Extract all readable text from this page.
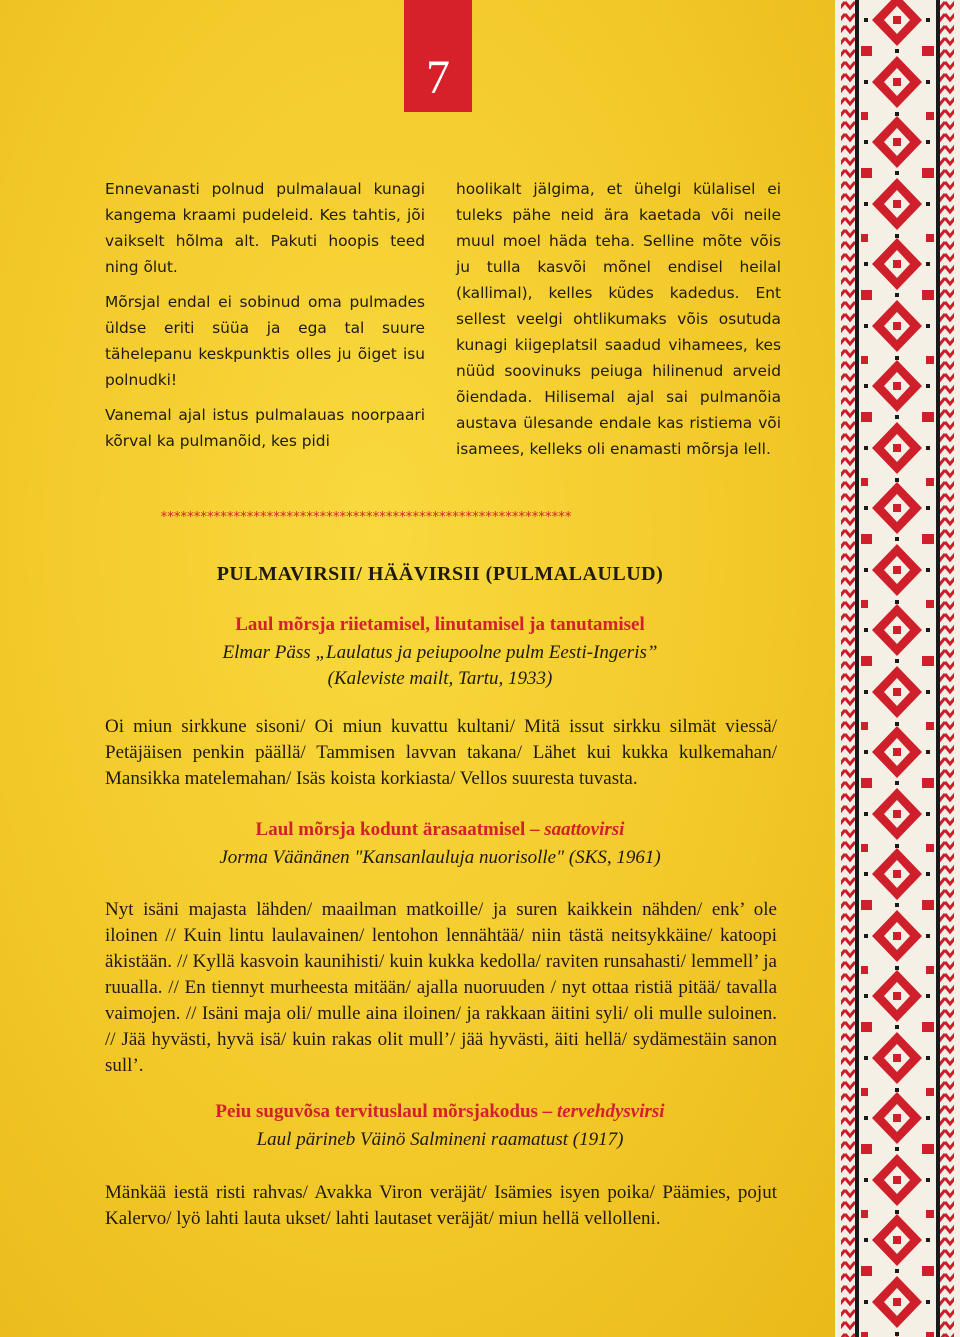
7

Ennevanasti polnud pulmalaual kunagi kangema kraami pudeleid. Kes tahtis, jõi vaikselt hõlma alt. Pakuti hoopis teed ning õlut.

Mõrsjal endal ei sobinud oma pulmades üldse eriti süüa ja ega tal suure tähelepanu keskpunktis olles ju õiget isu polnudki!

Vanemal ajal istus pulmalauas noorpaari kõrval ka pulmanõid, kes pidi

hoolikalt jälgima, et ühelgi külalisel ei tuleks pähe neid ära kaetada või neile muul moel häda teha. Selline mõte võis ju tulla kasvõi mõnel endisel heilal (kallimal), kelles küdes kadedus. Ent sellest veelgi ohtlikumaks võis osutuda kunagi kiigeplatsil saadud vihamees, kes nüüd soovinuks peiuga hilinenud arveid õiendada. Hilisemal ajal sai pulmanõia austava ülesande endale kas ristiema või isamees, kelleks oli enamasti mõrsja lell.

**************************************************************
PULMAVIRSII/ HÄÄVIRSII (PULMALAULUD)
Laul mõrsja riietamisel, linutamisel ja tanutamisel
Elmar Päss „Laulatus ja peiupoolne pulm Eesti-Ingeris”
(Kaleviste mailt, Tartu, 1933)
Oi miun sirkkune sisoni/ Oi miun kuvattu kultani/ Mitä issut sirkku silmät viessä/ Petäjäisen penkin päällä/ Tammisen lavvan takana/ Lähet kui kukka kulkemahan/ Mansikka matelemahan/ Isäs koista korkiasta/ Vellos suuresta tuvasta.
Laul mõrsja kodunt ärasaatmisel – saattovirsi
Jorma Väänänen "Kansanlauluja nuorisolle" (SKS, 1961)
Nyt isäni majasta lähden/ maailman matkoille/ ja suren kaikkein nähden/ enk’ ole iloinen // Kuin lintu laulavainen/ lentohon lennähtää/ niin tästä neitsykkäine/ katoopi äkistään. // Kyllä kasvoin kaunihisti/ kuin kukka kedolla/ raviten runsahasti/ lemmell’ ja ruualla. // En tiennyt murheesta mitään/ ajalla nuoruuden / nyt ottaa ristiä pitää/ tavalla vaimojen. // Isäni maja oli/ mulle aina iloinen/ ja rakkaan äitini syli/ oli mulle suloinen. // Jää hyvästi, hyvä isä/ kuin rakas olit mull’/ jää hyvästi, äiti hellä/ sydämestäin sanon sull’.
Peiu suguvõsa tervituslaul mõrsjakodus – tervehdysvirsi
Laul pärineb Väinö Salmineni raamatust (1917)
Mänkää iestä risti rahvas/ Avakka Viron veräjät/ Isämies isyen poika/ Päämies, pojut Kalervo/ lyö lahti lauta ukset/ lahti lautaset veräjät/ miun hellä vellolleni.
